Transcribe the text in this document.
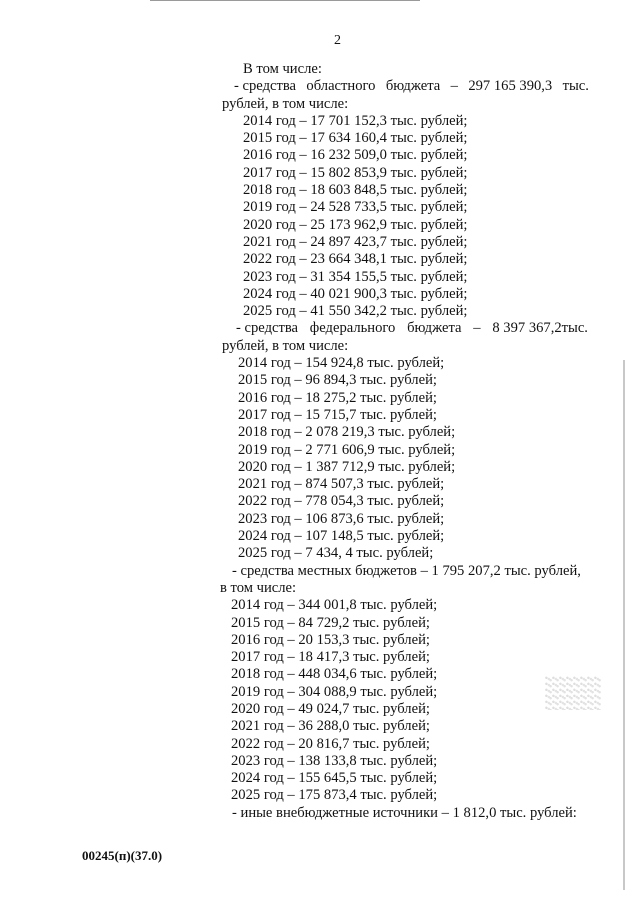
2
В том числе:
- средства областного бюджета – 297 165 390,3 тыс.
рублей, в том числе:
2014 год – 17 701 152,3 тыс. рублей;
2015 год – 17 634 160,4 тыс. рублей;
2016 год – 16 232 509,0 тыс. рублей;
2017 год – 15 802 853,9 тыс. рублей;
2018 год – 18 603 848,5 тыс. рублей;
2019 год – 24 528 733,5 тыс. рублей;
2020 год – 25 173 962,9 тыс. рублей;
2021 год – 24 897 423,7 тыс. рублей;
2022 год – 23 664 348,1 тыс. рублей;
2023 год – 31 354 155,5 тыс. рублей;
2024 год – 40 021 900,3 тыс. рублей;
2025 год – 41 550 342,2 тыс. рублей;
- средства федерального бюджета – 8 397 367,2тыс.
рублей, в том числе:
2014 год – 154 924,8 тыс. рублей;
2015 год – 96 894,3 тыс. рублей;
2016 год – 18 275,2 тыс. рублей;
2017 год – 15 715,7 тыс. рублей;
2018 год – 2 078 219,3 тыс. рублей;
2019 год – 2 771 606,9 тыс. рублей;
2020 год – 1 387 712,9 тыс. рублей;
2021 год – 874 507,3 тыс. рублей;
2022 год – 778 054,3 тыс. рублей;
2023 год – 106 873,6 тыс. рублей;
2024 год – 107 148,5 тыс. рублей;
2025 год – 7 434, 4 тыс. рублей;
- средства местных бюджетов – 1 795 207,2 тыс. рублей,
в том числе:
2014 год – 344 001,8 тыс. рублей;
2015 год – 84 729,2 тыс. рублей;
2016 год – 20 153,3 тыс. рублей;
2017 год – 18 417,3 тыс. рублей;
2018 год – 448 034,6 тыс. рублей;
2019 год – 304 088,9 тыс. рублей;
2020 год – 49 024,7 тыс. рублей;
2021 год – 36 288,0 тыс. рублей;
2022 год – 20 816,7 тыс. рублей;
2023 год – 138 133,8 тыс. рублей;
2024 год – 155 645,5 тыс. рублей;
2025 год – 175 873,4 тыс. рублей;
- иные внебюджетные источники – 1 812,0 тыс. рублей:
00245(п)(37.0)
